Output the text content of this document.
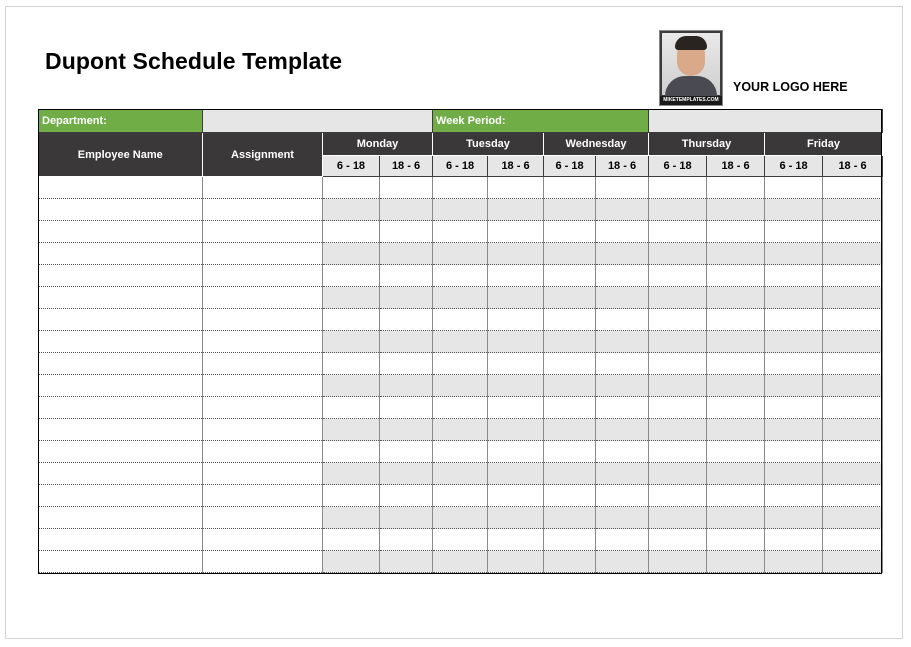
Dupont Schedule Template
MIKETEMPLATES.COM
YOUR LOGO HERE
Department:				Week Period:							
Employee Name	Assignment	Monday		Tuesday		Wednesday		Thursday		Friday	
		6 - 18	18 - 6	6 - 18	18 - 6	6 - 18	18 - 6	6 - 18	18 - 6	6 - 18	18 - 6
